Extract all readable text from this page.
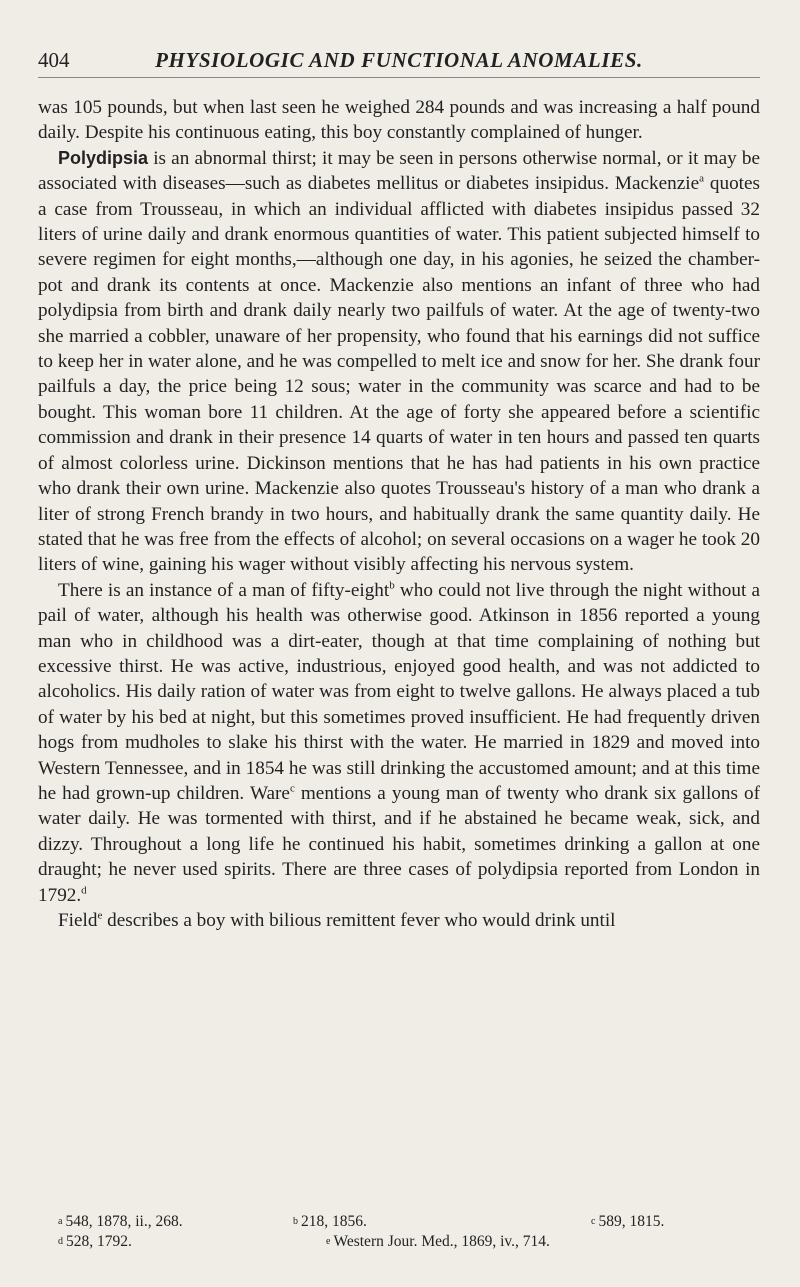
404	PHYSIOLOGIC AND FUNCTIONAL ANOMALIES.

was 105 pounds, but when last seen he weighed 284 pounds and was increasing a half pound daily. Despite his continuous eating, this boy constantly complained of hunger.

Polydipsia is an abnormal thirst; it may be seen in persons otherwise normal, or it may be associated with diseases—such as diabetes mellitus or diabetes insipidus. Mackenzie$^a$ quotes a case from Trousseau, in which an individual afflicted with diabetes insipidus passed 32 liters of urine daily and drank enormous quantities of water. This patient subjected himself to severe regimen for eight months,—although one day, in his agonies, he seized the chamber-pot and drank its contents at once. Mackenzie also mentions an infant of three who had polydipsia from birth and drank daily nearly two pailfuls of water. At the age of twenty-two she married a cobbler, unaware of her propensity, who found that his earnings did not suffice to keep her in water alone, and he was compelled to melt ice and snow for her. She drank four pailfuls a day, the price being 12 sous; water in the community was scarce and had to be bought. This woman bore 11 children. At the age of forty she appeared before a scientific commission and drank in their presence 14 quarts of water in ten hours and passed ten quarts of almost colorless urine. Dickinson mentions that he has had patients in his own practice who drank their own urine. Mackenzie also quotes Trousseau's history of a man who drank a liter of strong French brandy in two hours, and habitually drank the same quantity daily. He stated that he was free from the effects of alcohol; on several occasions on a wager he took 20 liters of wine, gaining his wager without visibly affecting his nervous system.

There is an instance of a man of fifty-eight$^b$ who could not live through the night without a pail of water, although his health was otherwise good. Atkinson in 1856 reported a young man who in childhood was a dirt-eater, though at that time complaining of nothing but excessive thirst. He was active, industrious, enjoyed good health, and was not addicted to alcoholics. His daily ration of water was from eight to twelve gallons. He always placed a tub of water by his bed at night, but this sometimes proved insufficient. He had frequently driven hogs from mudholes to slake his thirst with the water. He married in 1829 and moved into Western Tennessee, and in 1854 he was still drinking the accustomed amount; and at this time he had grown-up children. Ware$^c$ mentions a young man of twenty who drank six gallons of water daily. He was tormented with thirst, and if he abstained he became weak, sick, and dizzy. Throughout a long life he continued his habit, sometimes drinking a gallon at one draught; he never used spirits. There are three cases of polydipsia reported from London in 1792.$^d$

Field$^e$ describes a boy with bilious remittent fever who would drink until

$^a$ 548, 1878, ii., 268.	$^b$ 218, 1856.	$^c$ 589, 1815.
$^d$ 528, 1792.	$^e$ Western Jour. Med., 1869, iv., 714.
